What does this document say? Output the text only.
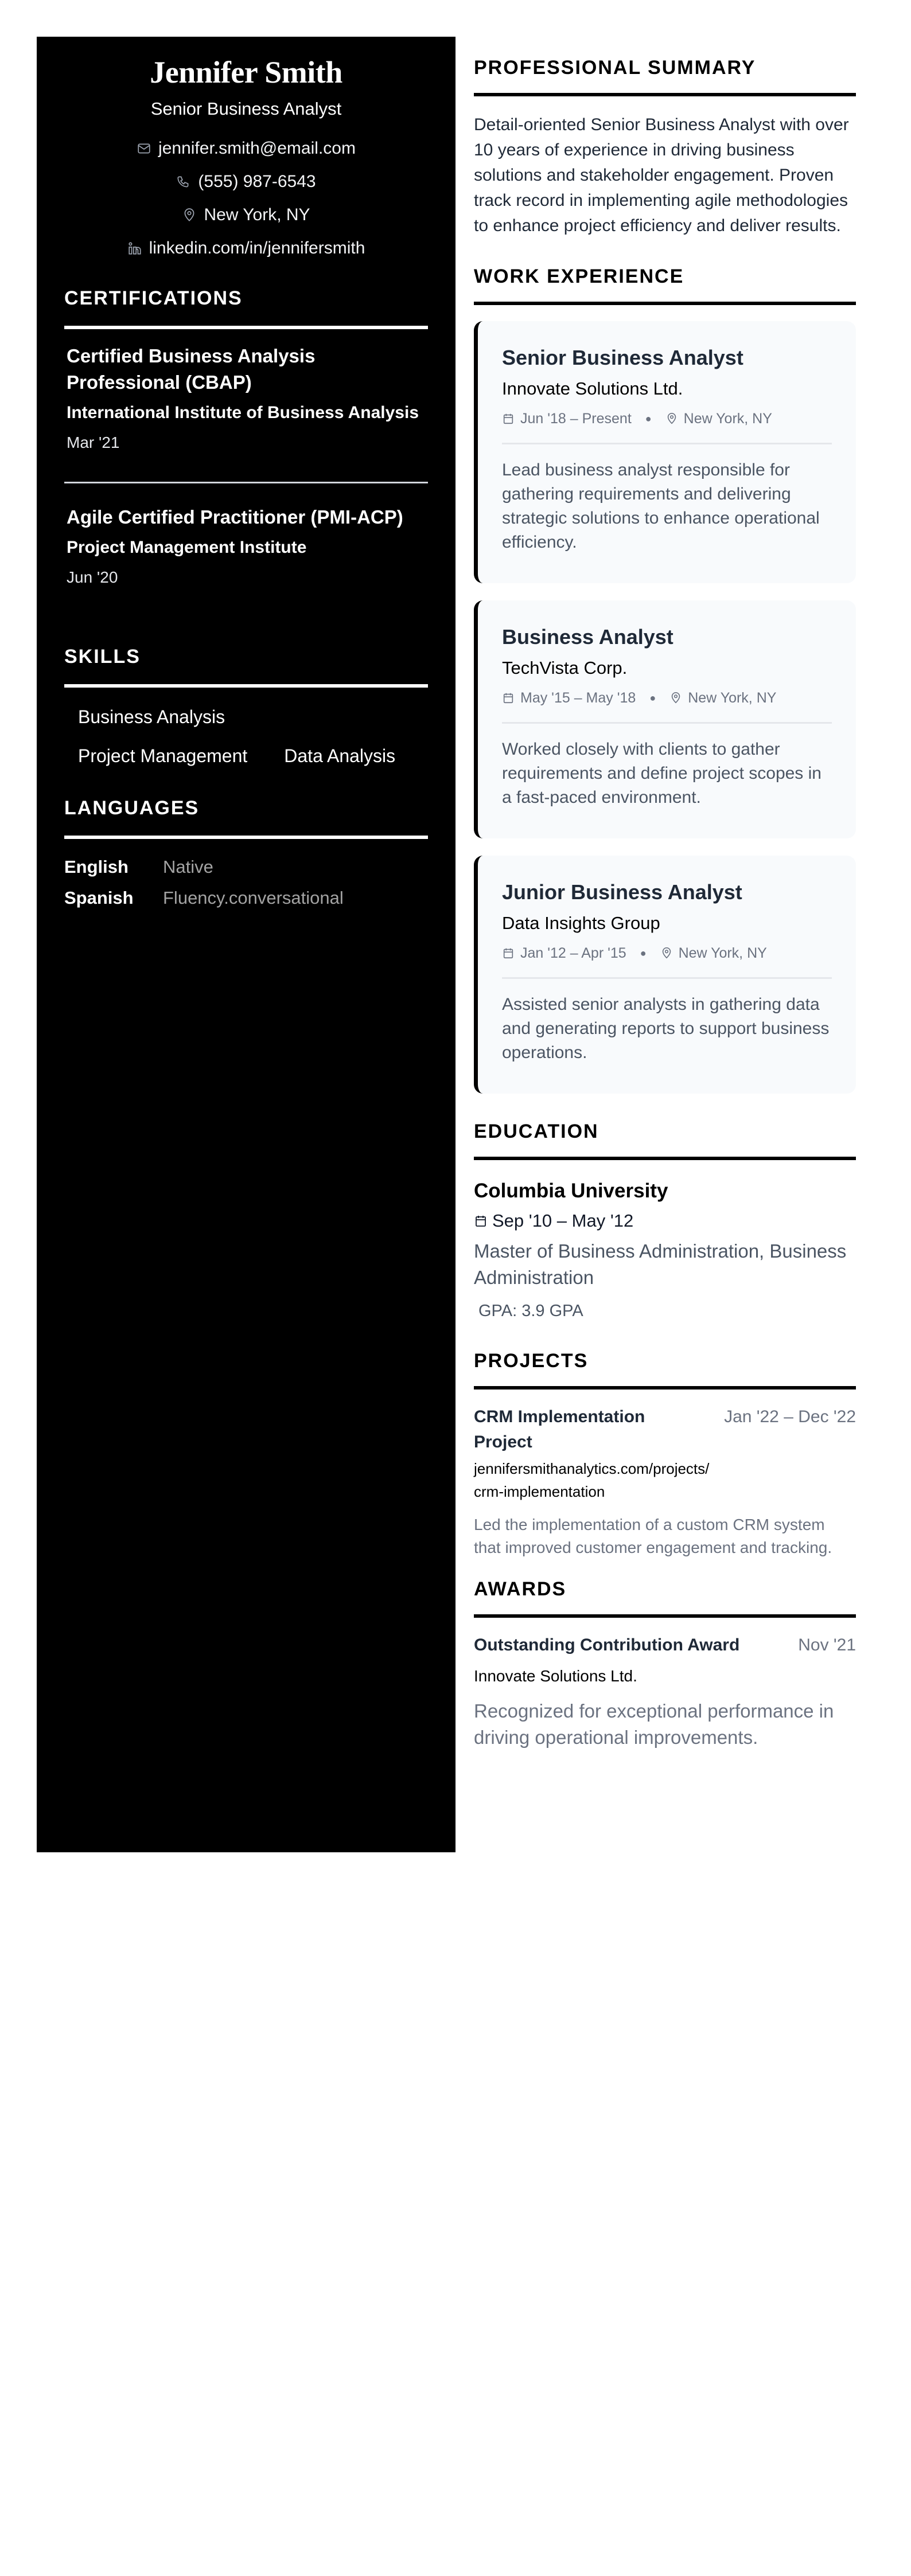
Jennifer Smith
Senior Business Analyst
jennifer.smith@email.com
(555) 987-6543
New York, NY
linkedin.com/in/jennifersmith
CERTIFICATIONS
Certified Business Analysis Professional (CBAP)
International Institute of Business Analysis
Mar '21
Agile Certified Practitioner (PMI-ACP)
Project Management Institute
Jun '20
SKILLS
Business Analysis
Project Management Data Analysis
LANGUAGES
English	Native
Spanish	Fluency.conversational
PROFESSIONAL SUMMARY

Detail-oriented Senior Business Analyst with over 10 years of experience in driving business solutions and stakeholder engagement. Proven track record in implementing agile methodologies to enhance project efficiency and deliver results.

WORK EXPERIENCE
Senior Business Analyst
Innovate Solutions Ltd.
Jun '18 – Present ● New York, NY

Lead business analyst responsible for gathering requirements and delivering strategic solutions to enhance operational efficiency.

Business Analyst
TechVista Corp.
May '15 – May '18 ● New York, NY

Worked closely with clients to gather requirements and define project scopes in a fast-paced environment.

Junior Business Analyst
Data Insights Group
Jan '12 – Apr '15 ● New York, NY

Assisted senior analysts in gathering data and generating reports to support business operations.

EDUCATION
Columbia University
Sep '10 – May '12
Master of Business Administration, Business Administration
GPA: 3.9 GPA
PROJECTS
CRM Implementation Project
Jan '22 – Dec '22
jennifersmithanalytics.com/projects/crm-implementation

Led the implementation of a custom CRM system that improved customer engagement and tracking.

AWARDS
Outstanding Contribution Award	Nov '21
Innovate Solutions Ltd.

Recognized for exceptional performance in driving operational improvements.
